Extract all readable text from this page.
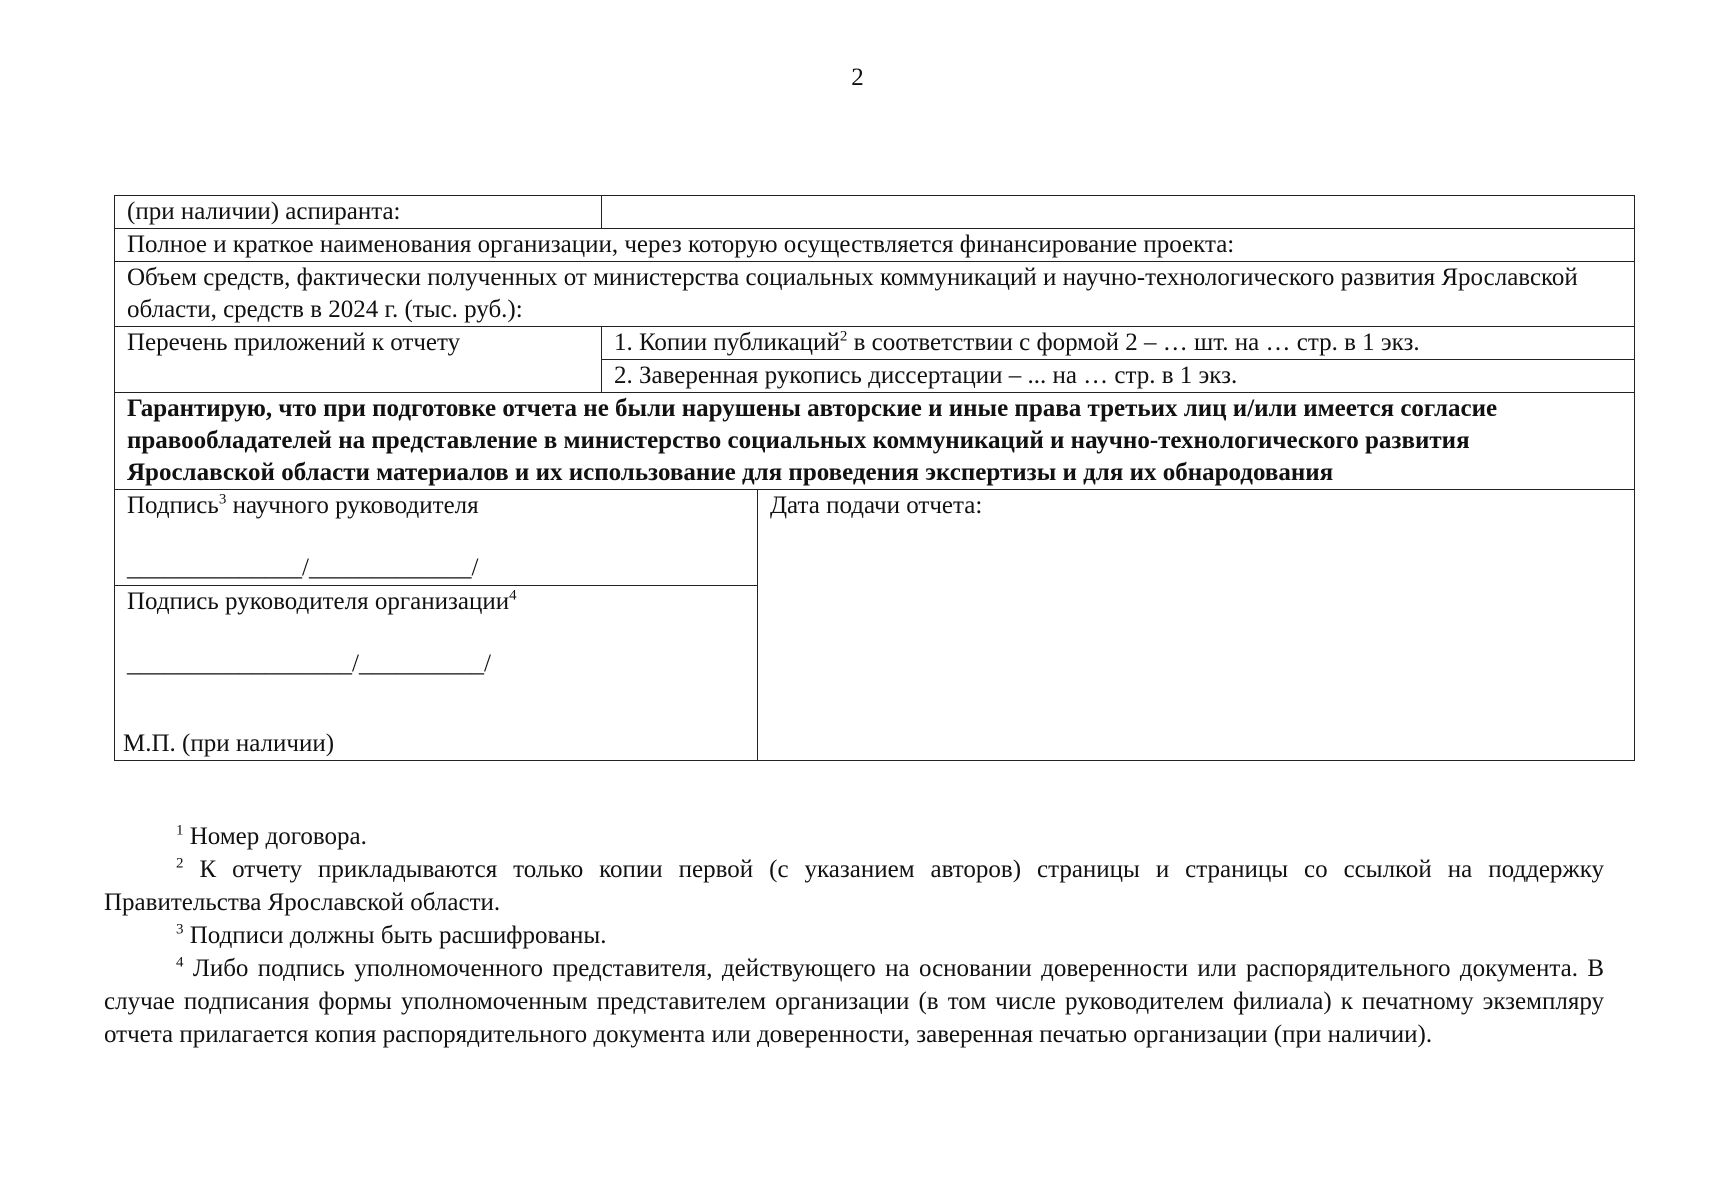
2
(при наличии) аспиранта:		
Полное и краткое наименования организации, через которую осуществляется финансирование проекта:		
Объем средств, фактически полученных от министерства социальных коммуникаций и научно-технологического развития Ярославской области, средств в 2024 г. (тыс. руб.):		
Перечень приложений к отчету	1. Копии публикаций$^2$ в соответствии с формой 2 – … шт. на … стр. в 1 экз.	
	2. Заверенная рукопись диссертации – ... на … стр. в 1 экз.	
Гарантирую, что при подготовке отчета не были нарушены авторские и иные права третьих лиц и/или имеется согласие правообладателей на представление в министерство социальных коммуникаций и научно-технологического развития Ярославской области материалов и их использование для проведения экспертизы и для их обнародования		

Подпись$^3$ научного руководителя
______________/_____________/		Дата подачи отчета:

Подпись руководителя организации$^4$
__________________/__________/
М.П. (при наличии)		

$^1$ Номер договора.

$^2$ К отчету прикладываются только копии первой (с указанием авторов) страницы и страницы со ссылкой на поддержку Правительства Ярославской области.

$^3$ Подписи должны быть расшифрованы.

$^4$ Либо подпись уполномоченного представителя, действующего на основании доверенности или распорядительного документа. В случае подписания формы уполномоченным представителем организации (в том числе руководителем филиала) к печатному экземпляру отчета прилагается копия распорядительного документа или доверенности, заверенная печатью организации (при наличии).
